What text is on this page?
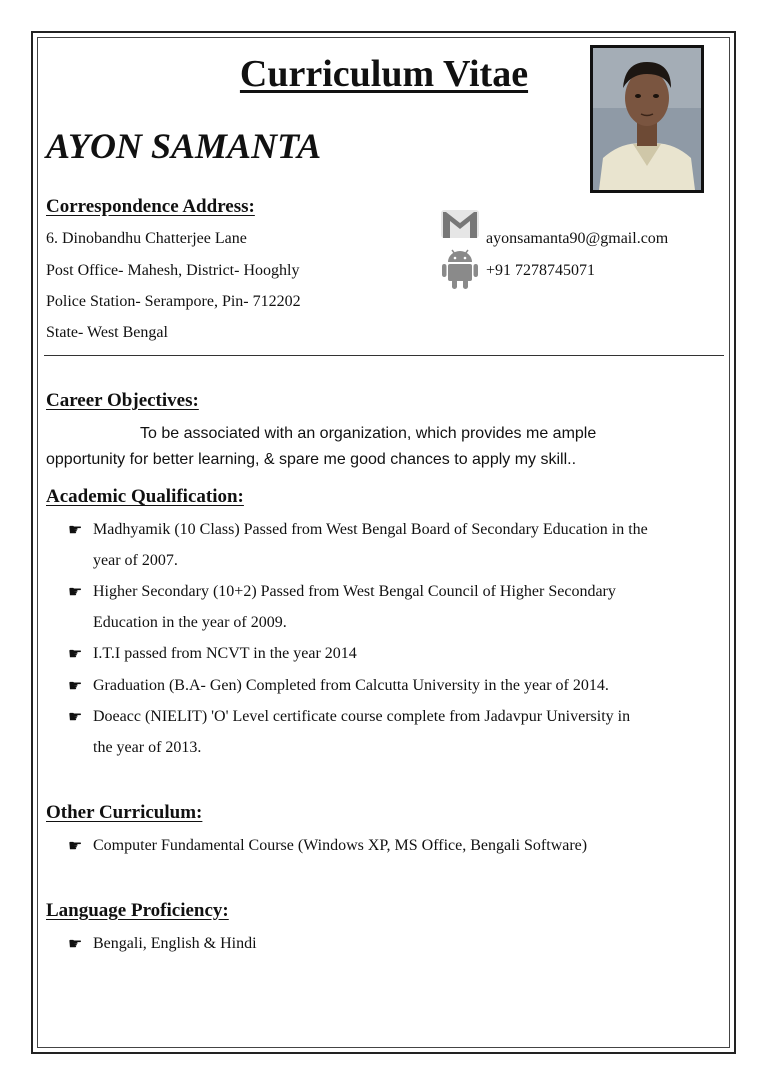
Curriculum Vitae
AYON SAMANTA
Correspondence Address:
6. Dinobandhu Chatterjee Lane
Post Office- Mahesh, District- Hooghly
Police Station- Serampore, Pin- 712202
State- West Bengal
ayonsamanta90@gmail.com
+91 7278745071
Career Objectives:
To be associated with an organization, which provides me ample
opportunity for better learning, & spare me good chances to apply my skill..
Academic Qualification:
☛ Madhyamik (10 Class) Passed from West Bengal Board of Secondary Education in the
year of 2007.
☛ Higher Secondary (10+2) Passed from West Bengal Council of Higher Secondary
Education in the year of 2009.
☛ I.T.I passed from NCVT in the year 2014
☛ Graduation (B.A- Gen) Completed from Calcutta University in the year of 2014.
☛ Doeacc (NIELIT) 'O' Level certificate course complete from Jadavpur University in
the year of 2013.
Other Curriculum:
☛ Computer Fundamental Course (Windows XP, MS Office, Bengali Software)
Language Proficiency:
☛ Bengali, English & Hindi
